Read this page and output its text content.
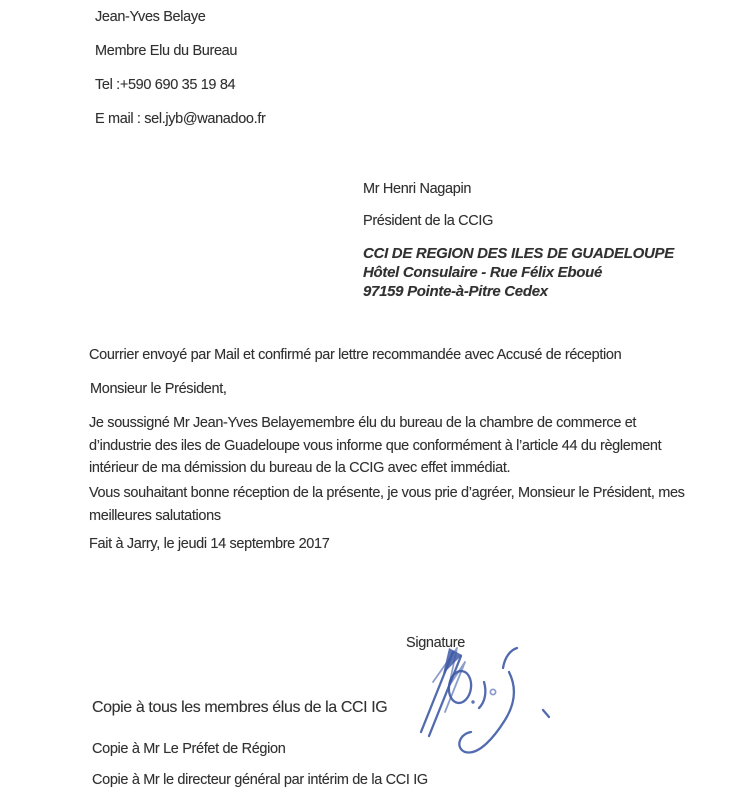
Jean-Yves Belaye
Membre Elu du Bureau
Tel :+590 690 35 19 84
E mail : sel.jyb@wanadoo.fr
Mr Henri Nagapin
Président de la CCIG
CCI DE REGION DES ILES DE GUADELOUPE
Hôtel Consulaire - Rue Félix Eboué
97159 Pointe-à-Pitre Cedex
Courrier envoyé par Mail et confirmé par lettre recommandée avec Accusé de réception
Monsieur le Président,
Je soussigné Mr Jean-Yves Belayemembre élu du bureau de la chambre de commerce et d’industrie des iles de Guadeloupe vous informe que conformément à l’article 44 du règlement intérieur de ma démission du bureau de la CCIG avec effet immédiat.
Vous souhaitant bonne réception de la présente, je vous prie d’agréer, Monsieur le Président, mes meilleures salutations
Fait à Jarry, le jeudi 14 septembre 2017
Signature
Copie à tous les membres élus de la CCI IG
Copie à Mr Le Préfet de Région
Copie à Mr le directeur général par intérim de la CCI IG
